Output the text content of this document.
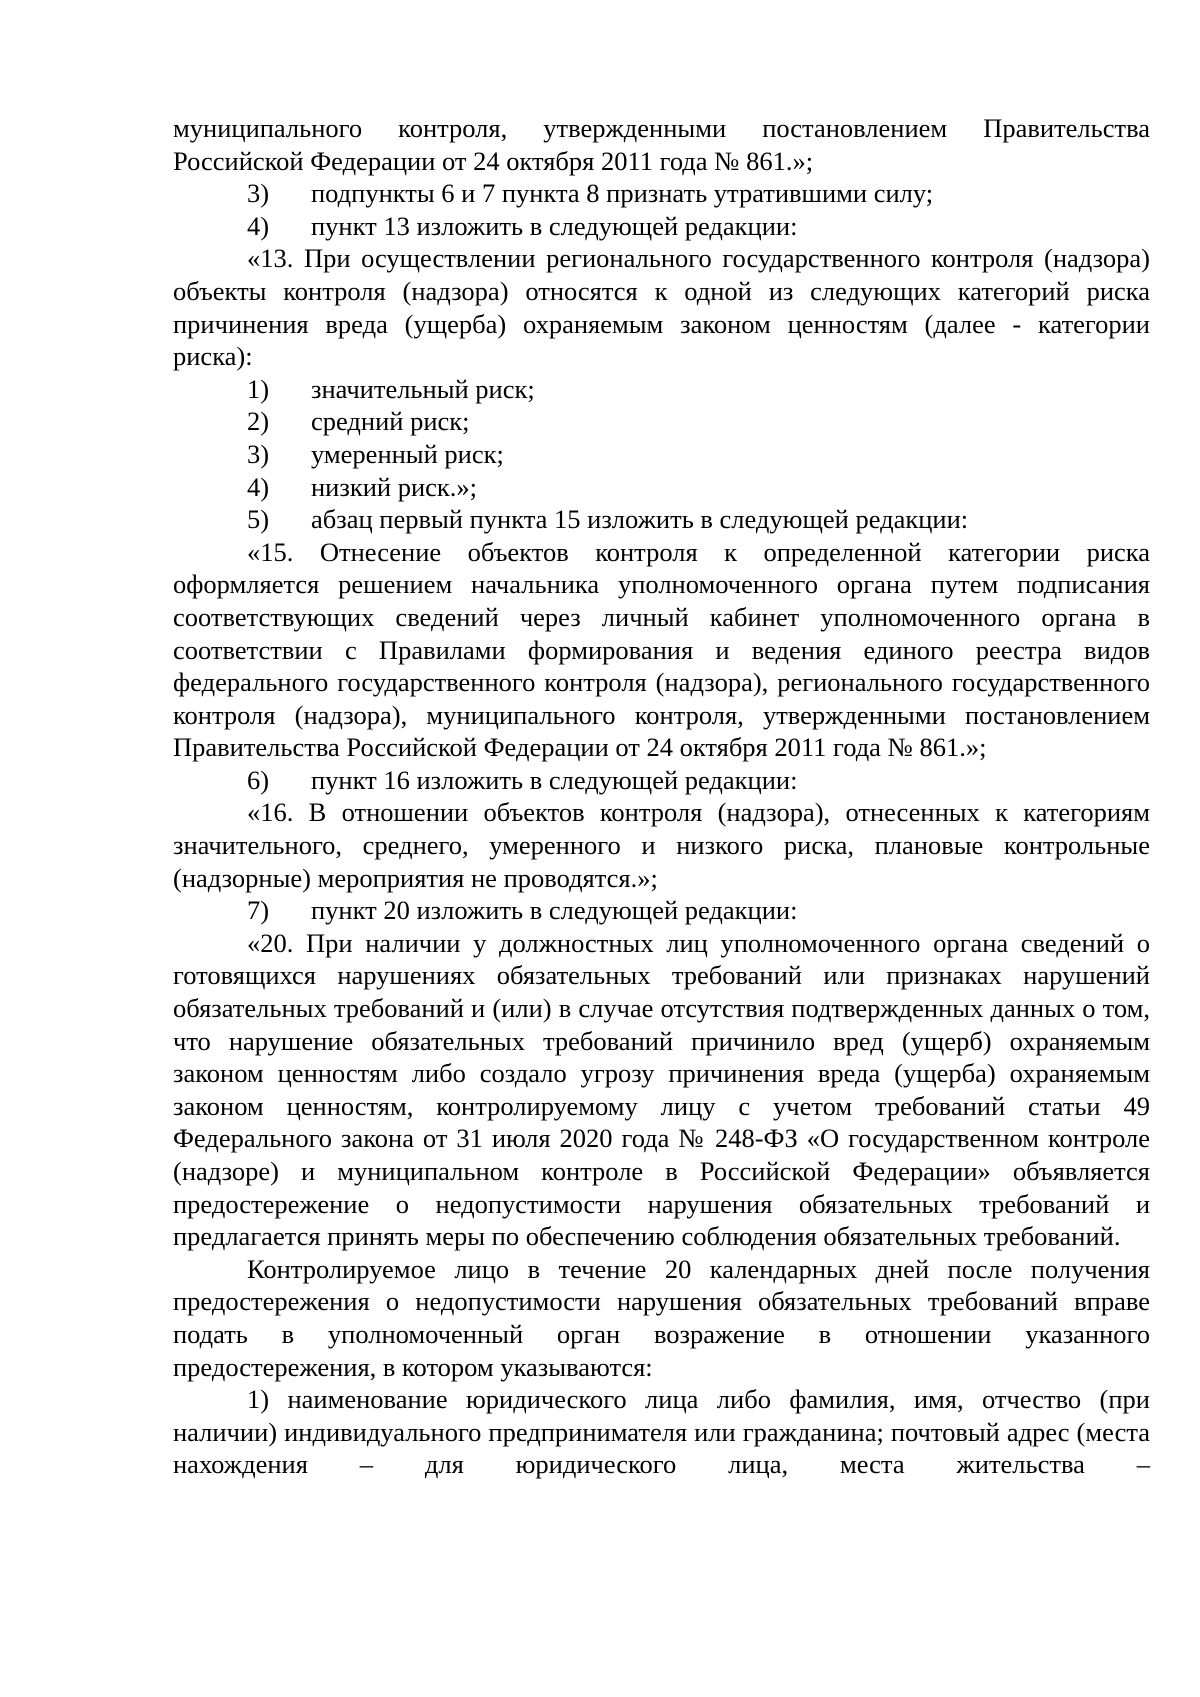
муниципального контроля, утвержденными постановлением Правительства Российской Федерации от 24 октября 2011 года № 861.»;

3)	подпункты 6 и 7 пункта 8 признать утратившими силу;
4)	пункт 13 изложить в следующей редакции:

«13. При осуществлении регионального государственного контроля (надзора) объекты контроля (надзора) относятся к одной из следующих категорий риска причинения вреда (ущерба) охраняемым законом ценностям (далее - категории риска):

1)	значительный риск;
2)	средний риск;
3)	умеренный риск;
4)	низкий риск.»;
5)	абзац первый пункта 15 изложить в следующей редакции:

«15. Отнесение объектов контроля к определенной категории риска оформляется решением начальника уполномоченного органа путем подписания соответствующих сведений через личный кабинет уполномоченного органа в соответствии с Правилами формирования и ведения единого реестра видов федерального государственного контроля (надзора), регионального государственного контроля (надзора), муниципального контроля, утвержденными постановлением Правительства Российской Федерации от 24 октября 2011 года № 861.»;

6)	пункт 16 изложить в следующей редакции:

«16. В отношении объектов контроля (надзора), отнесенных к категориям значительного, среднего, умеренного и низкого риска, плановые контрольные (надзорные) мероприятия не проводятся.»;

7)	пункт 20 изложить в следующей редакции:

«20. При наличии у должностных лиц уполномоченного органа сведений о готовящихся нарушениях обязательных требований или признаках нарушений обязательных требований и (или) в случае отсутствия подтвержденных данных о том, что нарушение обязательных требований причинило вред (ущерб) охраняемым законом ценностям либо создало угрозу причинения вреда (ущерба) охраняемым законом ценностям, контролируемому лицу с учетом требований статьи 49 Федерального закона от 31 июля 2020 года № 248-ФЗ «О государственном контроле (надзоре) и муниципальном контроле в Российской Федерации» объявляется предостережение о недопустимости нарушения обязательных требований и предлагается принять меры по обеспечению соблюдения обязательных требований.

Контролируемое лицо в течение 20 календарных дней после получения предостережения о недопустимости нарушения обязательных требований вправе подать в уполномоченный орган возражение в отношении указанного предостережения, в котором указываются:

1) наименование юридического лица либо фамилия, имя, отчество (при наличии) индивидуального предпринимателя или гражданина; почтовый адрес (места нахождения – для юридического лица, места жительства –
